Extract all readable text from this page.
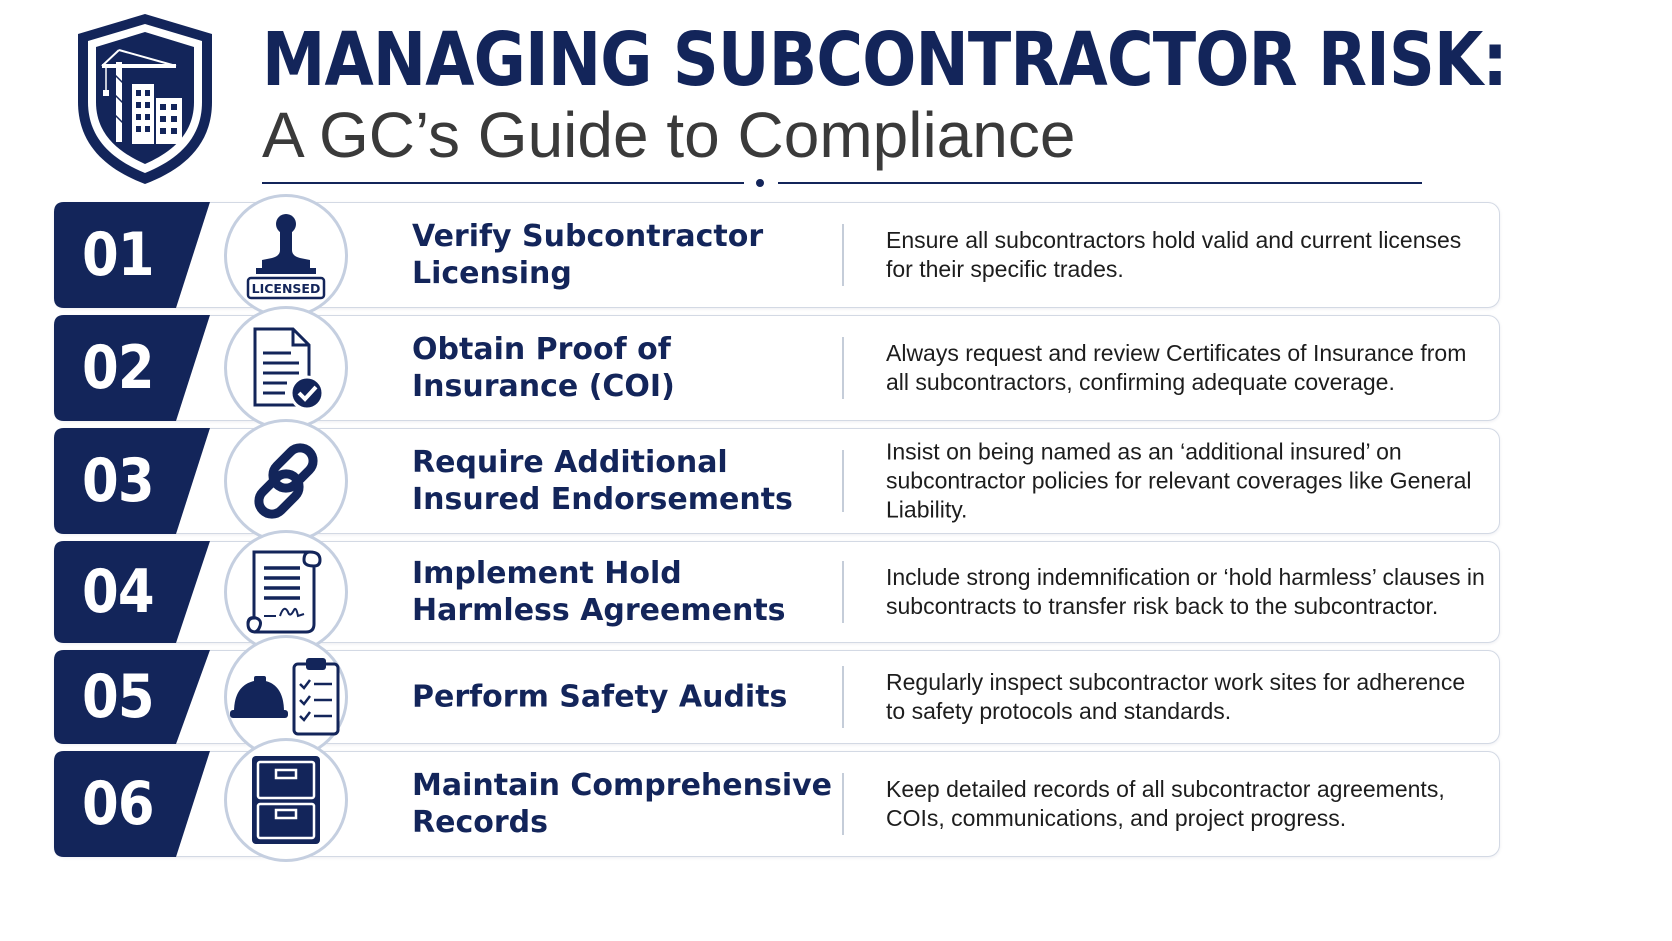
MANAGING SUBCONTRACTOR RISK:
A GC’s Guide to Compliance
01	LICENSED
Verify Subcontractor Licensing

Ensure all subcontractors hold valid and current licenses for their specific trades.

02	Obtain Proof of Insurance (COI)

Always request and review Certificates of Insurance from all subcontractors, confirming adequate coverage.

03	Require Additional Insured Endorsements

Insist on being named as an ‘additional insured’ on subcontractor policies for relevant coverages like General Liability.

04	Implement Hold Harmless Agreements

Include strong indemnification or ‘hold harmless’ clauses in subcontracts to transfer risk back to the subcontractor.

05	Perform Safety Audits	Regularly inspect subcontractor work sites for adherence to safety protocols and standards.

06	Maintain Comprehensive Records

Keep detailed records of all subcontractor agreements, COIs, communications, and project progress.
